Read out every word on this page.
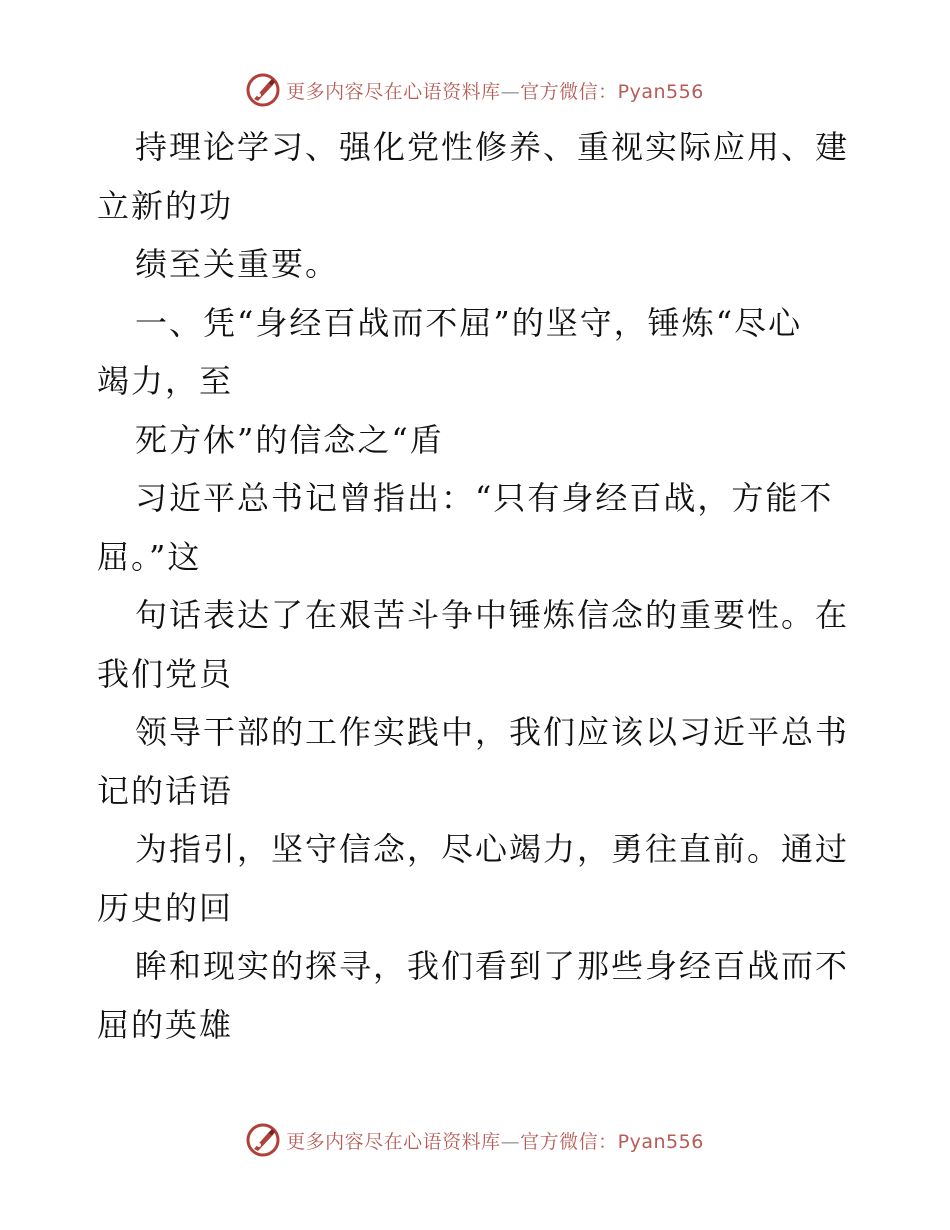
更多内容尽在心语资料库—官方微信：Pyan556
持理论学习、强化党性修养、重视实际应用、建
立新的功
绩至关重要。
一、凭“身经百战而不屈”的坚守，锤炼“尽心
竭力，至
死方休”的信念之“盾
习近平总书记曾指出：“只有身经百战，方能不
屈。”这
句话表达了在艰苦斗争中锤炼信念的重要性。在
我们党员
领导干部的工作实践中，我们应该以习近平总书
记的话语
为指引，坚守信念，尽心竭力，勇往直前。通过
历史的回
眸和现实的探寻，我们看到了那些身经百战而不
屈的英雄
更多内容尽在心语资料库—官方微信：Pyan556
